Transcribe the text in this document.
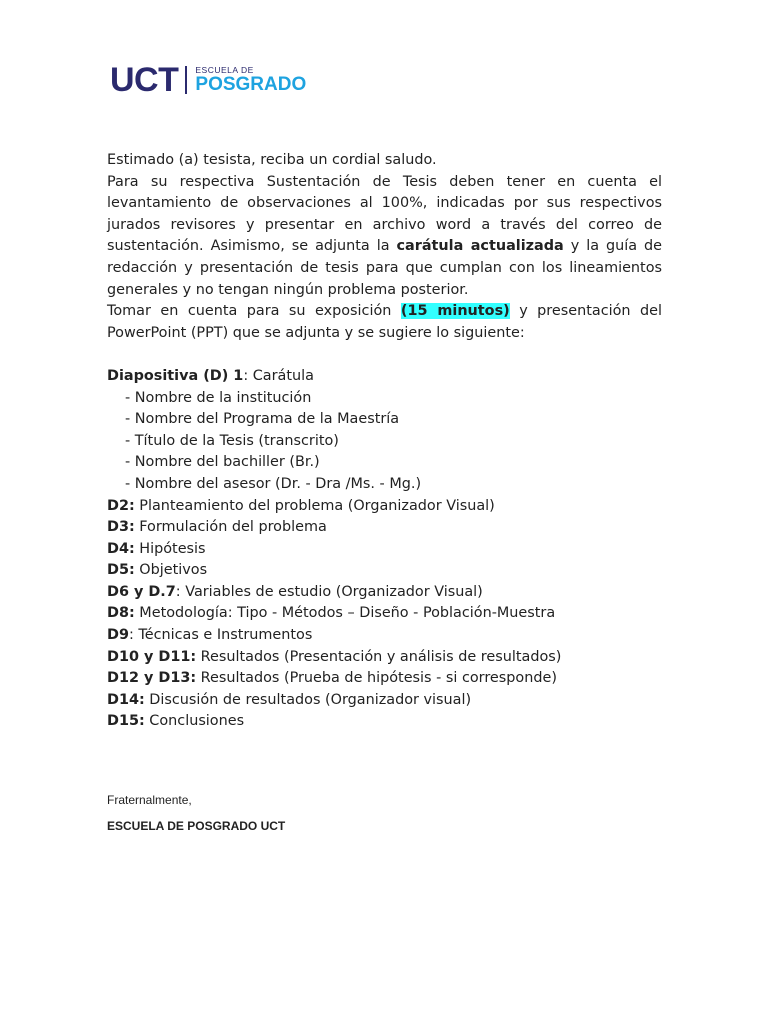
UCT ESCUELA DE
POSGRADO

Estimado (a) tesista, reciba un cordial saludo.

Para su respectiva Sustentación de Tesis deben tener en cuenta el levantamiento de observaciones al 100%, indicadas por sus respectivos jurados revisores y presentar en archivo word a través del correo de sustentación. Asimismo, se adjunta la carátula actualizada y la guía de redacción y presentación de tesis para que cumplan con los lineamientos generales y no tengan ningún problema posterior.

Tomar en cuenta para su exposición (15 minutos) y presentación del PowerPoint (PPT) que se adjunta y se sugiere lo siguiente:

Diapositiva (D) 1: Carátula
- Nombre de la institución
- Nombre del Programa de la Maestría
- Título de la Tesis (transcrito)
- Nombre del bachiller (Br.)
- Nombre del asesor (Dr. - Dra /Ms. - Mg.)
D2: Planteamiento del problema (Organizador Visual)
D3: Formulación del problema
D4: Hipótesis
D5: Objetivos
D6 y D.7: Variables de estudio (Organizador Visual)
D8: Metodología: Tipo - Métodos – Diseño - Población-Muestra
D9: Técnicas e Instrumentos
D10 y D11: Resultados (Presentación y análisis de resultados)
D12 y D13: Resultados (Prueba de hipótesis - si corresponde)
D14: Discusión de resultados (Organizador visual)
D15: Conclusiones
Fraternalmente,
ESCUELA DE POSGRADO UCT
